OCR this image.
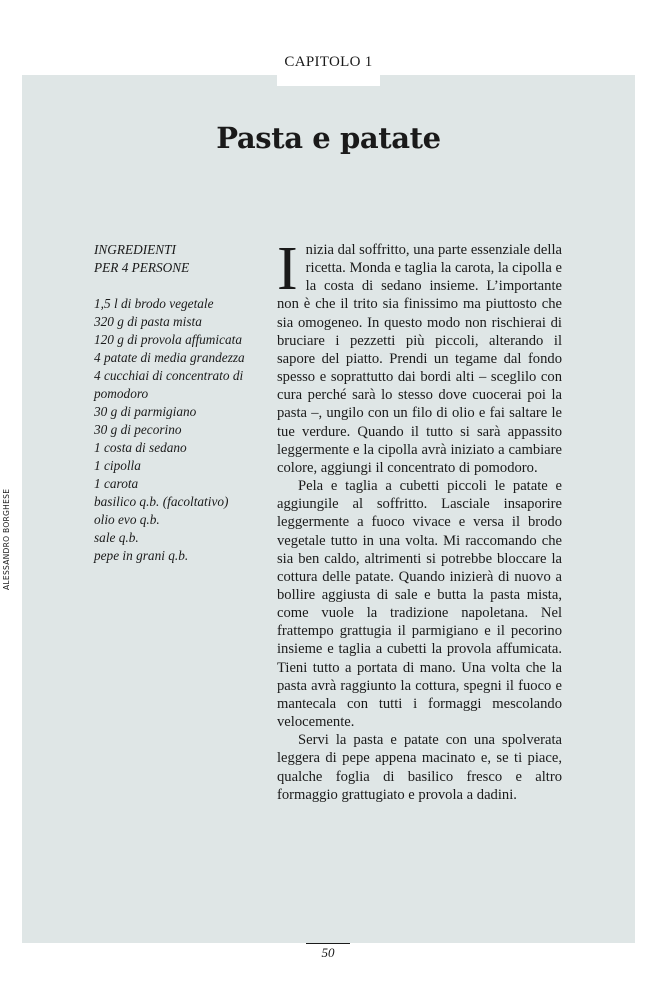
CAPITOLO 1
Pasta e patate
ALESSANDRO BORGHESE

INGREDIENTI
PER 4 PERSONE

1,5 l di brodo vegetale
320 g di pasta mista
120 g di provola affumicata
4 patate di media grandezza
4 cucchiai di concentrato di pomodoro
30 g di parmigiano
30 g di pecorino
1 costa di sedano
1 cipolla
1 carota
basilico q.b. (facoltativo)
olio evo q.b.
sale q.b.
pepe in grani q.b.

Inizia dal soffritto, una parte essenziale della ricetta. Monda e taglia la carota, la cipolla e la costa di sedano insieme. L’importante non è che il trito sia finissimo ma piuttosto che sia omogeneo. In questo modo non rischierai di bruciare i pezzetti più piccoli, alterando il sapore del piatto. Prendi un tegame dal fondo spesso e soprattutto dai bordi alti – sceglilo con cura perché sarà lo stesso dove cuocerai poi la pasta –, ungilo con un filo di olio e fai saltare le tue verdure. Quando il tutto si sarà appassito leggermente e la cipolla avrà iniziato a cambiare colore, aggiungi il concentrato di pomodoro.

Pela e taglia a cubetti piccoli le patate e aggiungile al soffritto. Lasciale insaporire leggermente a fuoco vivace e versa il brodo vegetale tutto in una volta. Mi raccomando che sia ben caldo, altrimenti si potrebbe bloccare la cottura delle patate. Quando inizierà di nuovo a bollire aggiusta di sale e butta la pasta mista, come vuole la tradizione napoletana. Nel frattempo grattugia il parmigiano e il pecorino insieme e taglia a cubetti la provola affumicata. Tieni tutto a portata di mano. Una volta che la pasta avrà raggiunto la cottura, spegni il fuoco e mantecala con tutti i formaggi mescolando velocemente.

Servi la pasta e patate con una spolverata leggera di pepe appena macinato e, se ti piace, qualche foglia di basilico fresco e altro formaggio grattugiato e provola a dadini.

50
